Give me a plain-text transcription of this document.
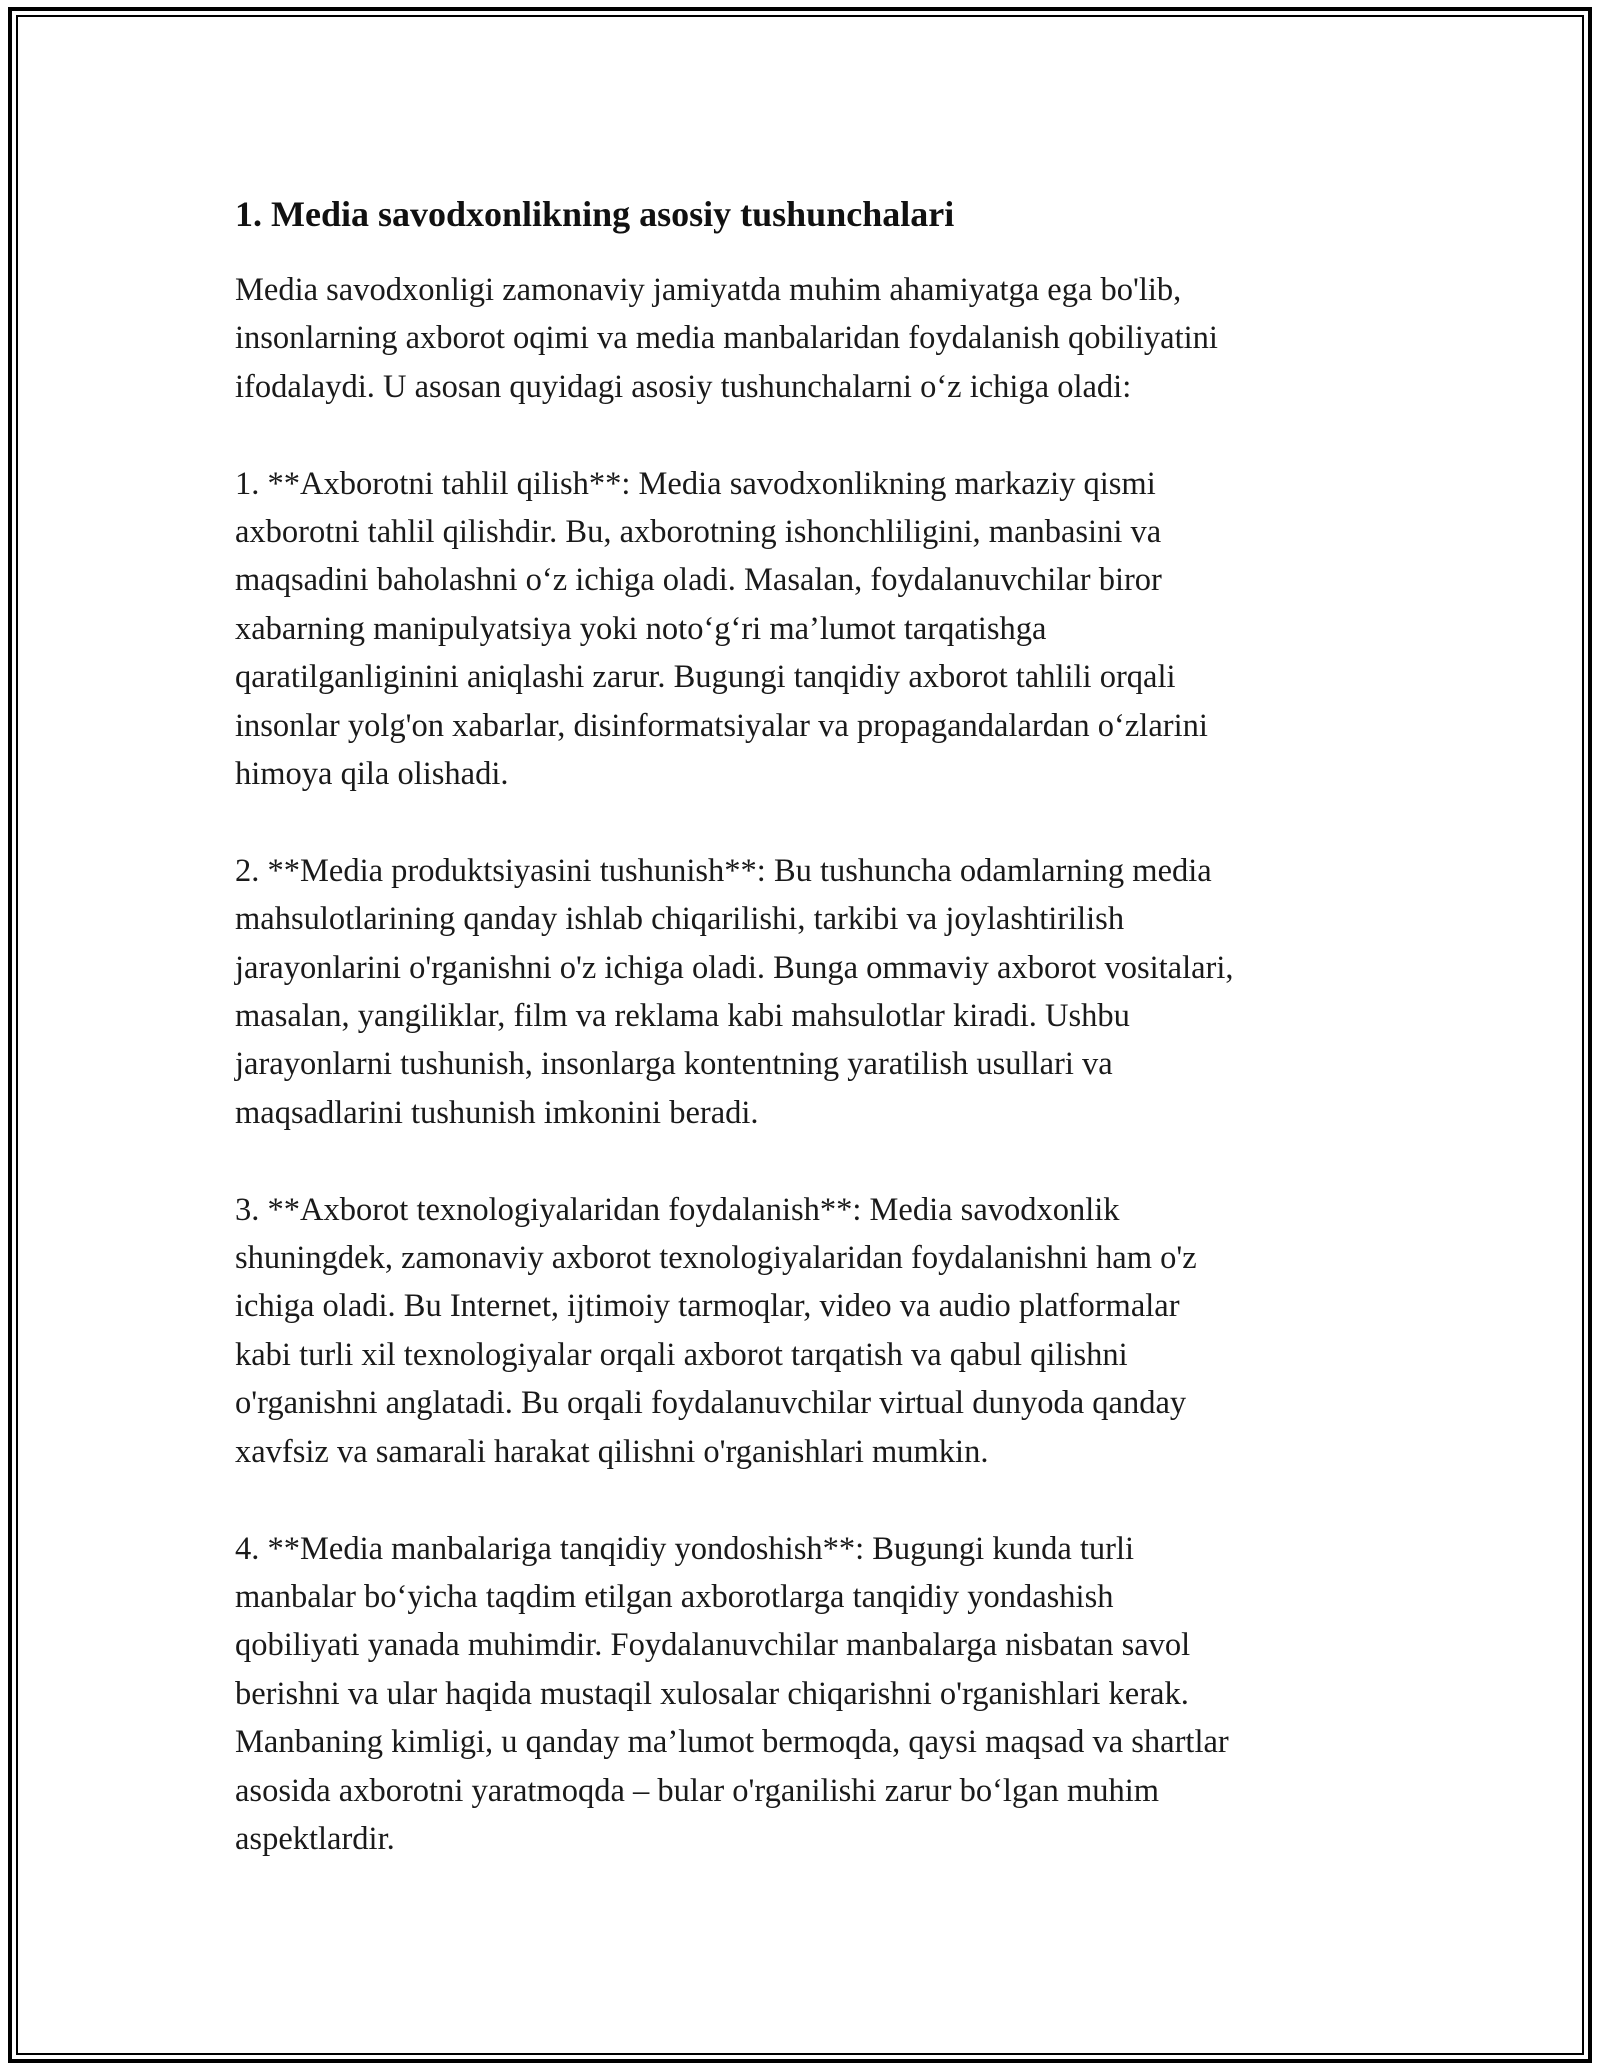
1. Media savodxonlikning asosiy tushunchalari

Media savodxonligi zamonaviy jamiyatda muhim ahamiyatga ega bo'lib,
insonlarning axborot oqimi va media manbalaridan foydalanish qobiliyatini
ifodalaydi. U asosan quyidagi asosiy tushunchalarni o‘z ichiga oladi:

1. **Axborotni tahlil qilish**: Media savodxonlikning markaziy qismi
axborotni tahlil qilishdir. Bu, axborotning ishonchliligini, manbasini va
maqsadini baholashni o‘z ichiga oladi. Masalan, foydalanuvchilar biror
xabarning manipulyatsiya yoki noto‘g‘ri ma’lumot tarqatishga
qaratilganliginini aniqlashi zarur. Bugungi tanqidiy axborot tahlili orqali
insonlar yolg'on xabarlar, disinformatsiyalar va propagandalardan o‘zlarini
himoya qila olishadi.

2. **Media produktsiyasini tushunish**: Bu tushuncha odamlarning media
mahsulotlarining qanday ishlab chiqarilishi, tarkibi va joylashtirilish
jarayonlarini o'rganishni o'z ichiga oladi. Bunga ommaviy axborot vositalari,
masalan, yangiliklar, film va reklama kabi mahsulotlar kiradi. Ushbu
jarayonlarni tushunish, insonlarga kontentning yaratilish usullari va
maqsadlarini tushunish imkonini beradi.

3. **Axborot texnologiyalaridan foydalanish**: Media savodxonlik
shuningdek, zamonaviy axborot texnologiyalaridan foydalanishni ham o'z
ichiga oladi. Bu Internet, ijtimoiy tarmoqlar, video va audio platformalar
kabi turli xil texnologiyalar orqali axborot tarqatish va qabul qilishni
o'rganishni anglatadi. Bu orqali foydalanuvchilar virtual dunyoda qanday
xavfsiz va samarali harakat qilishni o'rganishlari mumkin.

4. **Media manbalariga tanqidiy yondoshish**: Bugungi kunda turli
manbalar bo‘yicha taqdim etilgan axborotlarga tanqidiy yondashish
qobiliyati yanada muhimdir. Foydalanuvchilar manbalarga nisbatan savol
berishni va ular haqida mustaqil xulosalar chiqarishni o'rganishlari kerak.
Manbaning kimligi, u qanday ma’lumot bermoqda, qaysi maqsad va shartlar
asosida axborotni yaratmoqda – bular o'rganilishi zarur bo‘lgan muhim
aspektlardir.
